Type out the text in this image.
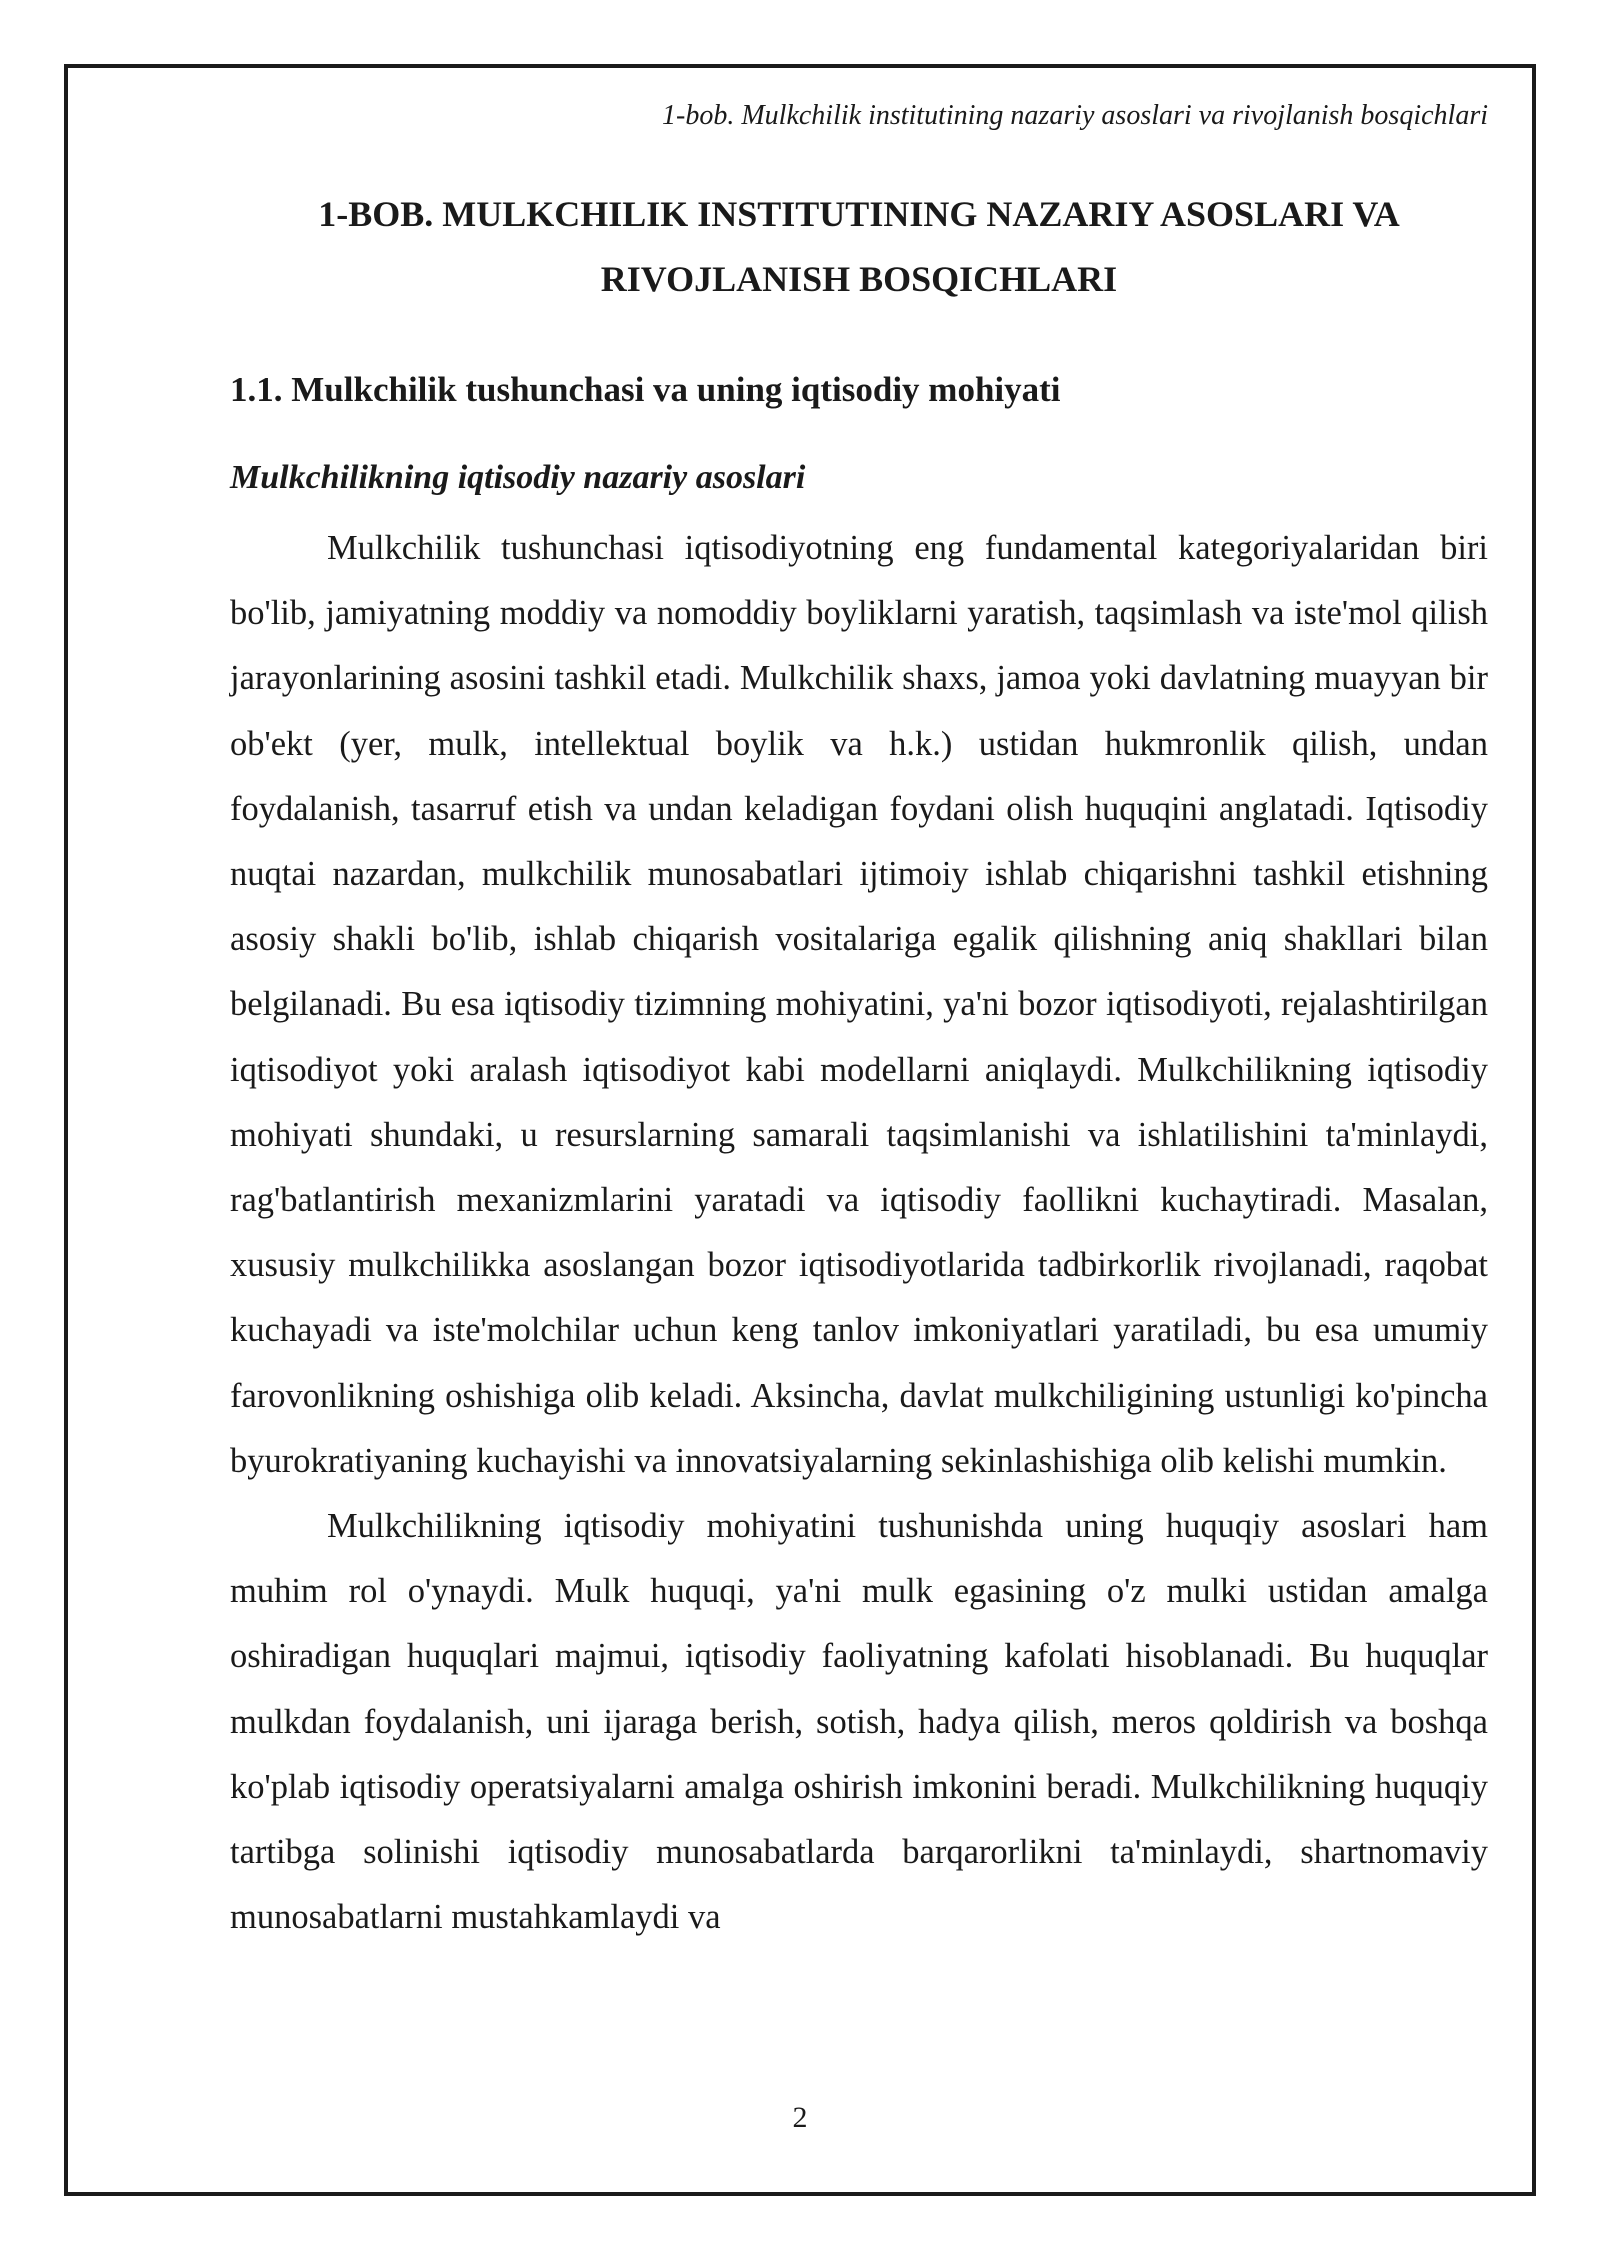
1-bob. Mulkchilik institutining nazariy asoslari va rivojlanish bosqichlari
1-BOB. MULKCHILIK INSTITUTINING NAZARIY ASOSLARI VA
RIVOJLANISH BOSQICHLARI
1.1. Mulkchilik tushunchasi va uning iqtisodiy mohiyati
Mulkchilikning iqtisodiy nazariy asoslari

Mulkchilik tushunchasi iqtisodiyotning eng fundamental kategoriyalaridan biri bo'lib, jamiyatning moddiy va nomoddiy boyliklarni yaratish, taqsimlash va iste'mol qilish jarayonlarining asosini tashkil etadi. Mulkchilik shaxs, jamoa yoki davlatning muayyan bir ob'ekt (yer, mulk, intellektual boylik va h.k.) ustidan hukmronlik qilish, undan foydalanish, tasarruf etish va undan keladigan foydani olish huquqini anglatadi. Iqtisodiy nuqtai nazardan, mulkchilik munosabatlari ijtimoiy ishlab chiqarishni tashkil etishning asosiy shakli bo'lib, ishlab chiqarish vositalariga egalik qilishning aniq shakllari bilan belgilanadi. Bu esa iqtisodiy tizimning mohiyatini, ya'ni bozor iqtisodiyoti, rejalashtirilgan iqtisodiyot yoki aralash iqtisodiyot kabi modellarni aniqlaydi. Mulkchilikning iqtisodiy mohiyati shundaki, u resurslarning samarali taqsimlanishi va ishlatilishini ta'minlaydi, rag'batlantirish mexanizmlarini yaratadi va iqtisodiy faollikni kuchaytiradi. Masalan, xususiy mulkchilikka asoslangan bozor iqtisodiyotlarida tadbirkorlik rivojlanadi, raqobat kuchayadi va iste'molchilar uchun keng tanlov imkoniyatlari yaratiladi, bu esa umumiy farovonlikning oshishiga olib keladi. Aksincha, davlat mulkchiligining ustunligi ko'pincha byurokratiyaning kuchayishi va innovatsiyalarning sekinlashishiga olib kelishi mumkin.

Mulkchilikning iqtisodiy mohiyatini tushunishda uning huquqiy asoslari ham muhim rol o'ynaydi. Mulk huquqi, ya'ni mulk egasining o'z mulki ustidan amalga oshiradigan huquqlari majmui, iqtisodiy faoliyatning kafolati hisoblanadi. Bu huquqlar mulkdan foydalanish, uni ijaraga berish, sotish, hadya qilish, meros qoldirish va boshqa ko'plab iqtisodiy operatsiyalarni amalga oshirish imkonini beradi. Mulkchilikning huquqiy tartibga solinishi iqtisodiy munosabatlarda barqarorlikni ta'minlaydi, shartnomaviy munosabatlarni mustahkamlaydi va

2
